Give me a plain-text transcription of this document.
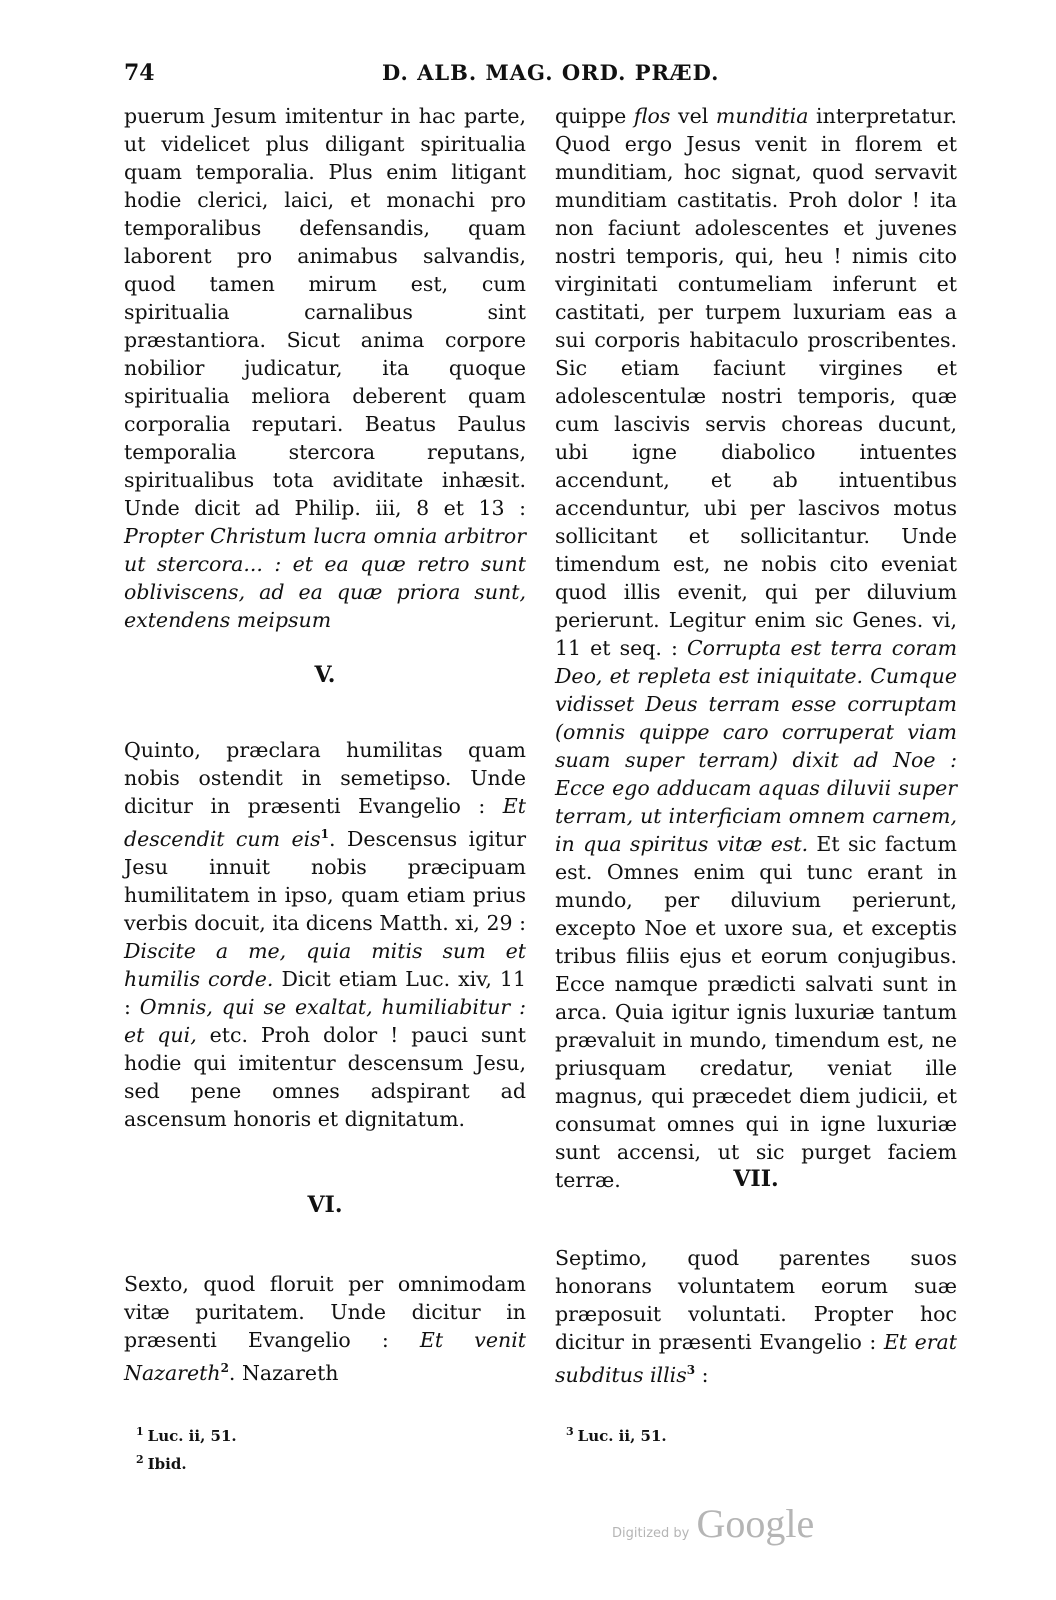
74	D. ALB. MAG. ORD. PRÆD.

puerum Jesum imitentur in hac parte, ut videlicet plus diligant spiritualia quam temporalia. Plus enim litigant hodie clerici, laici, et monachi pro temporalibus defensandis, quam laborent pro animabus salvandis, quod tamen mirum est, cum spiritualia carnalibus sint præstantiora. Sicut anima corpore nobilior judicatur, ita quoque spiritualia meliora deberent quam corporalia reputari. Beatus Paulus temporalia stercora reputans, spiritualibus tota aviditate inhæsit. Unde dicit ad Philip. iii, 8 et 13 : Propter Christum lucra omnia arbitror ut stercora... : et ea quæ retro sunt obliviscens, ad ea quæ priora sunt, extendens meipsum

V.

Quinto, præclara humilitas quam nobis ostendit in semetipso. Unde dicitur in præsenti Evangelio : Et descendit cum eis$^1$. Descensus igitur Jesu innuit nobis præcipuam humilitatem in ipso, quam etiam prius verbis docuit, ita dicens Matth. xi, 29 : Discite a me, quia mitis sum et humilis corde. Dicit etiam Luc. xiv, 11 : Omnis, qui se exaltat, humiliabitur : et qui, etc. Proh dolor ! pauci sunt hodie qui imitentur descensum Jesu, sed pene omnes adspirant ad ascensum honoris et dignitatum.

VI.

Sexto, quod floruit per omnimodam vitæ puritatem. Unde dicitur in præsenti Evangelio : Et venit Nazareth$^2$. Nazareth

$^1$ Luc. ii, 51.
$^2$ Ibid.

quippe flos vel munditia interpretatur. Quod ergo Jesus venit in florem et munditiam, hoc signat, quod servavit munditiam castitatis. Proh dolor ! ita non faciunt adolescentes et juvenes nostri temporis, qui, heu ! nimis cito virginitati contumeliam inferunt et castitati, per turpem luxuriam eas a sui corporis habitaculo proscribentes. Sic etiam faciunt virgines et adolescentulæ nostri temporis, quæ cum lascivis servis choreas ducunt, ubi igne diabolico intuentes accendunt, et ab intuentibus accenduntur, ubi per lascivos motus sollicitant et sollicitantur. Unde timendum est, ne nobis cito eveniat quod illis evenit, qui per diluvium perierunt. Legitur enim sic Genes. vi, 11 et seq. : Corrupta est terra coram Deo, et repleta est iniquitate. Cumque vidisset Deus terram esse corruptam (omnis quippe caro corruperat viam suam super terram) dixit ad Noe : Ecce ego adducam aquas diluvii super terram, ut interficiam omnem carnem, in qua spiritus vitæ est. Et sic factum est. Omnes enim qui tunc erant in mundo, per diluvium perierunt, excepto Noe et uxore sua, et exceptis tribus filiis ejus et eorum conjugibus. Ecce namque prædicti salvati sunt in arca. Quia igitur ignis luxuriæ tantum prævaluit in mundo, timendum est, ne priusquam credatur, veniat ille magnus, qui præcedet diem judicii, et consumat omnes qui in igne luxuriæ sunt accensi, ut sic purget faciem terræ.	VII.

Septimo, quod parentes suos honorans voluntatem eorum suæ præposuit voluntati. Propter hoc dicitur in præsenti Evangelio : Et erat subditus illis$^3$ :

$^3$ Luc. ii, 51.
Digitized by Google
